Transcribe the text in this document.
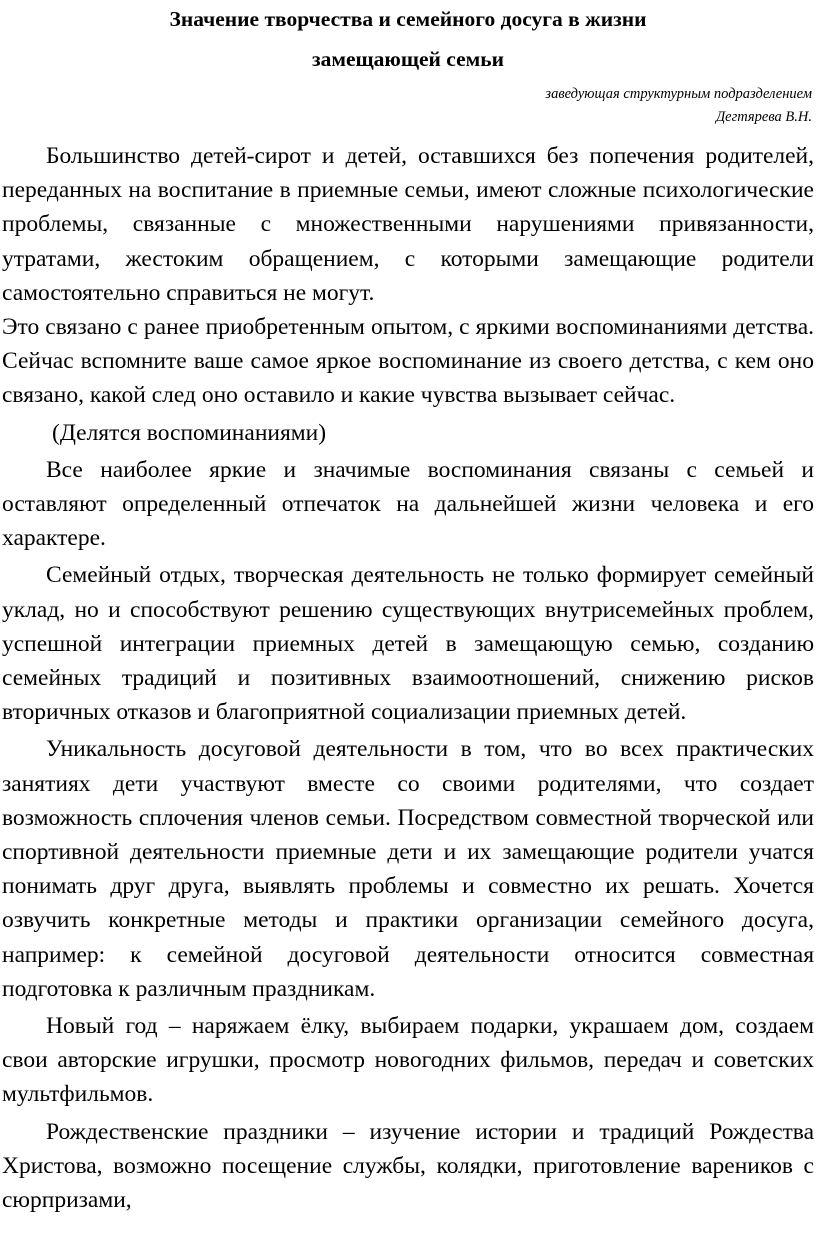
Значение творчества и семейного досуга в жизни
замещающей семьи
заведующая структурным подразделением
Дегтярева В.Н.

Большинство детей-сирот и детей, оставшихся без попечения родителей, переданных на воспитание в приемные семьи, имеют сложные психологические проблемы, связанные с множественными нарушениями привязанности, утратами, жестоким обращением, с которыми замещающие родители самостоятельно справиться не могут.

Это связано с ранее приобретенным опытом, с яркими воспоминаниями детства. Сейчас вспомните ваше самое яркое воспоминание из своего детства, с кем оно связано, какой след оно оставило и какие чувства вызывает сейчас.

(Делятся воспоминаниями)

Все наиболее яркие и значимые воспоминания связаны с семьей и оставляют определенный отпечаток на дальнейшей жизни человека и его характере.

Семейный отдых, творческая деятельность не только формирует семейный уклад, но и способствуют решению существующих внутрисемейных проблем, успешной интеграции приемных детей в замещающую семью, созданию семейных традиций и позитивных взаимоотношений, снижению рисков вторичных отказов и благоприятной социализации приемных детей.

Уникальность досуговой деятельности в том, что во всех практических занятиях дети участвуют вместе со своими родителями, что создает возможность сплочения членов семьи. Посредством совместной творческой или спортивной деятельности приемные дети и их замещающие родители учатся понимать друг друга, выявлять проблемы и совместно их решать. Хочется озвучить конкретные методы и практики организации семейного досуга, например: к семейной досуговой деятельности относится совместная подготовка к различным праздникам.

Новый год – наряжаем ёлку, выбираем подарки, украшаем дом, создаем свои авторские игрушки, просмотр новогодних фильмов, передач и советских мультфильмов.

Рождественские праздники – изучение истории и традиций Рождества Христова, возможно посещение службы, колядки, приготовление вареников с сюрпризами,
